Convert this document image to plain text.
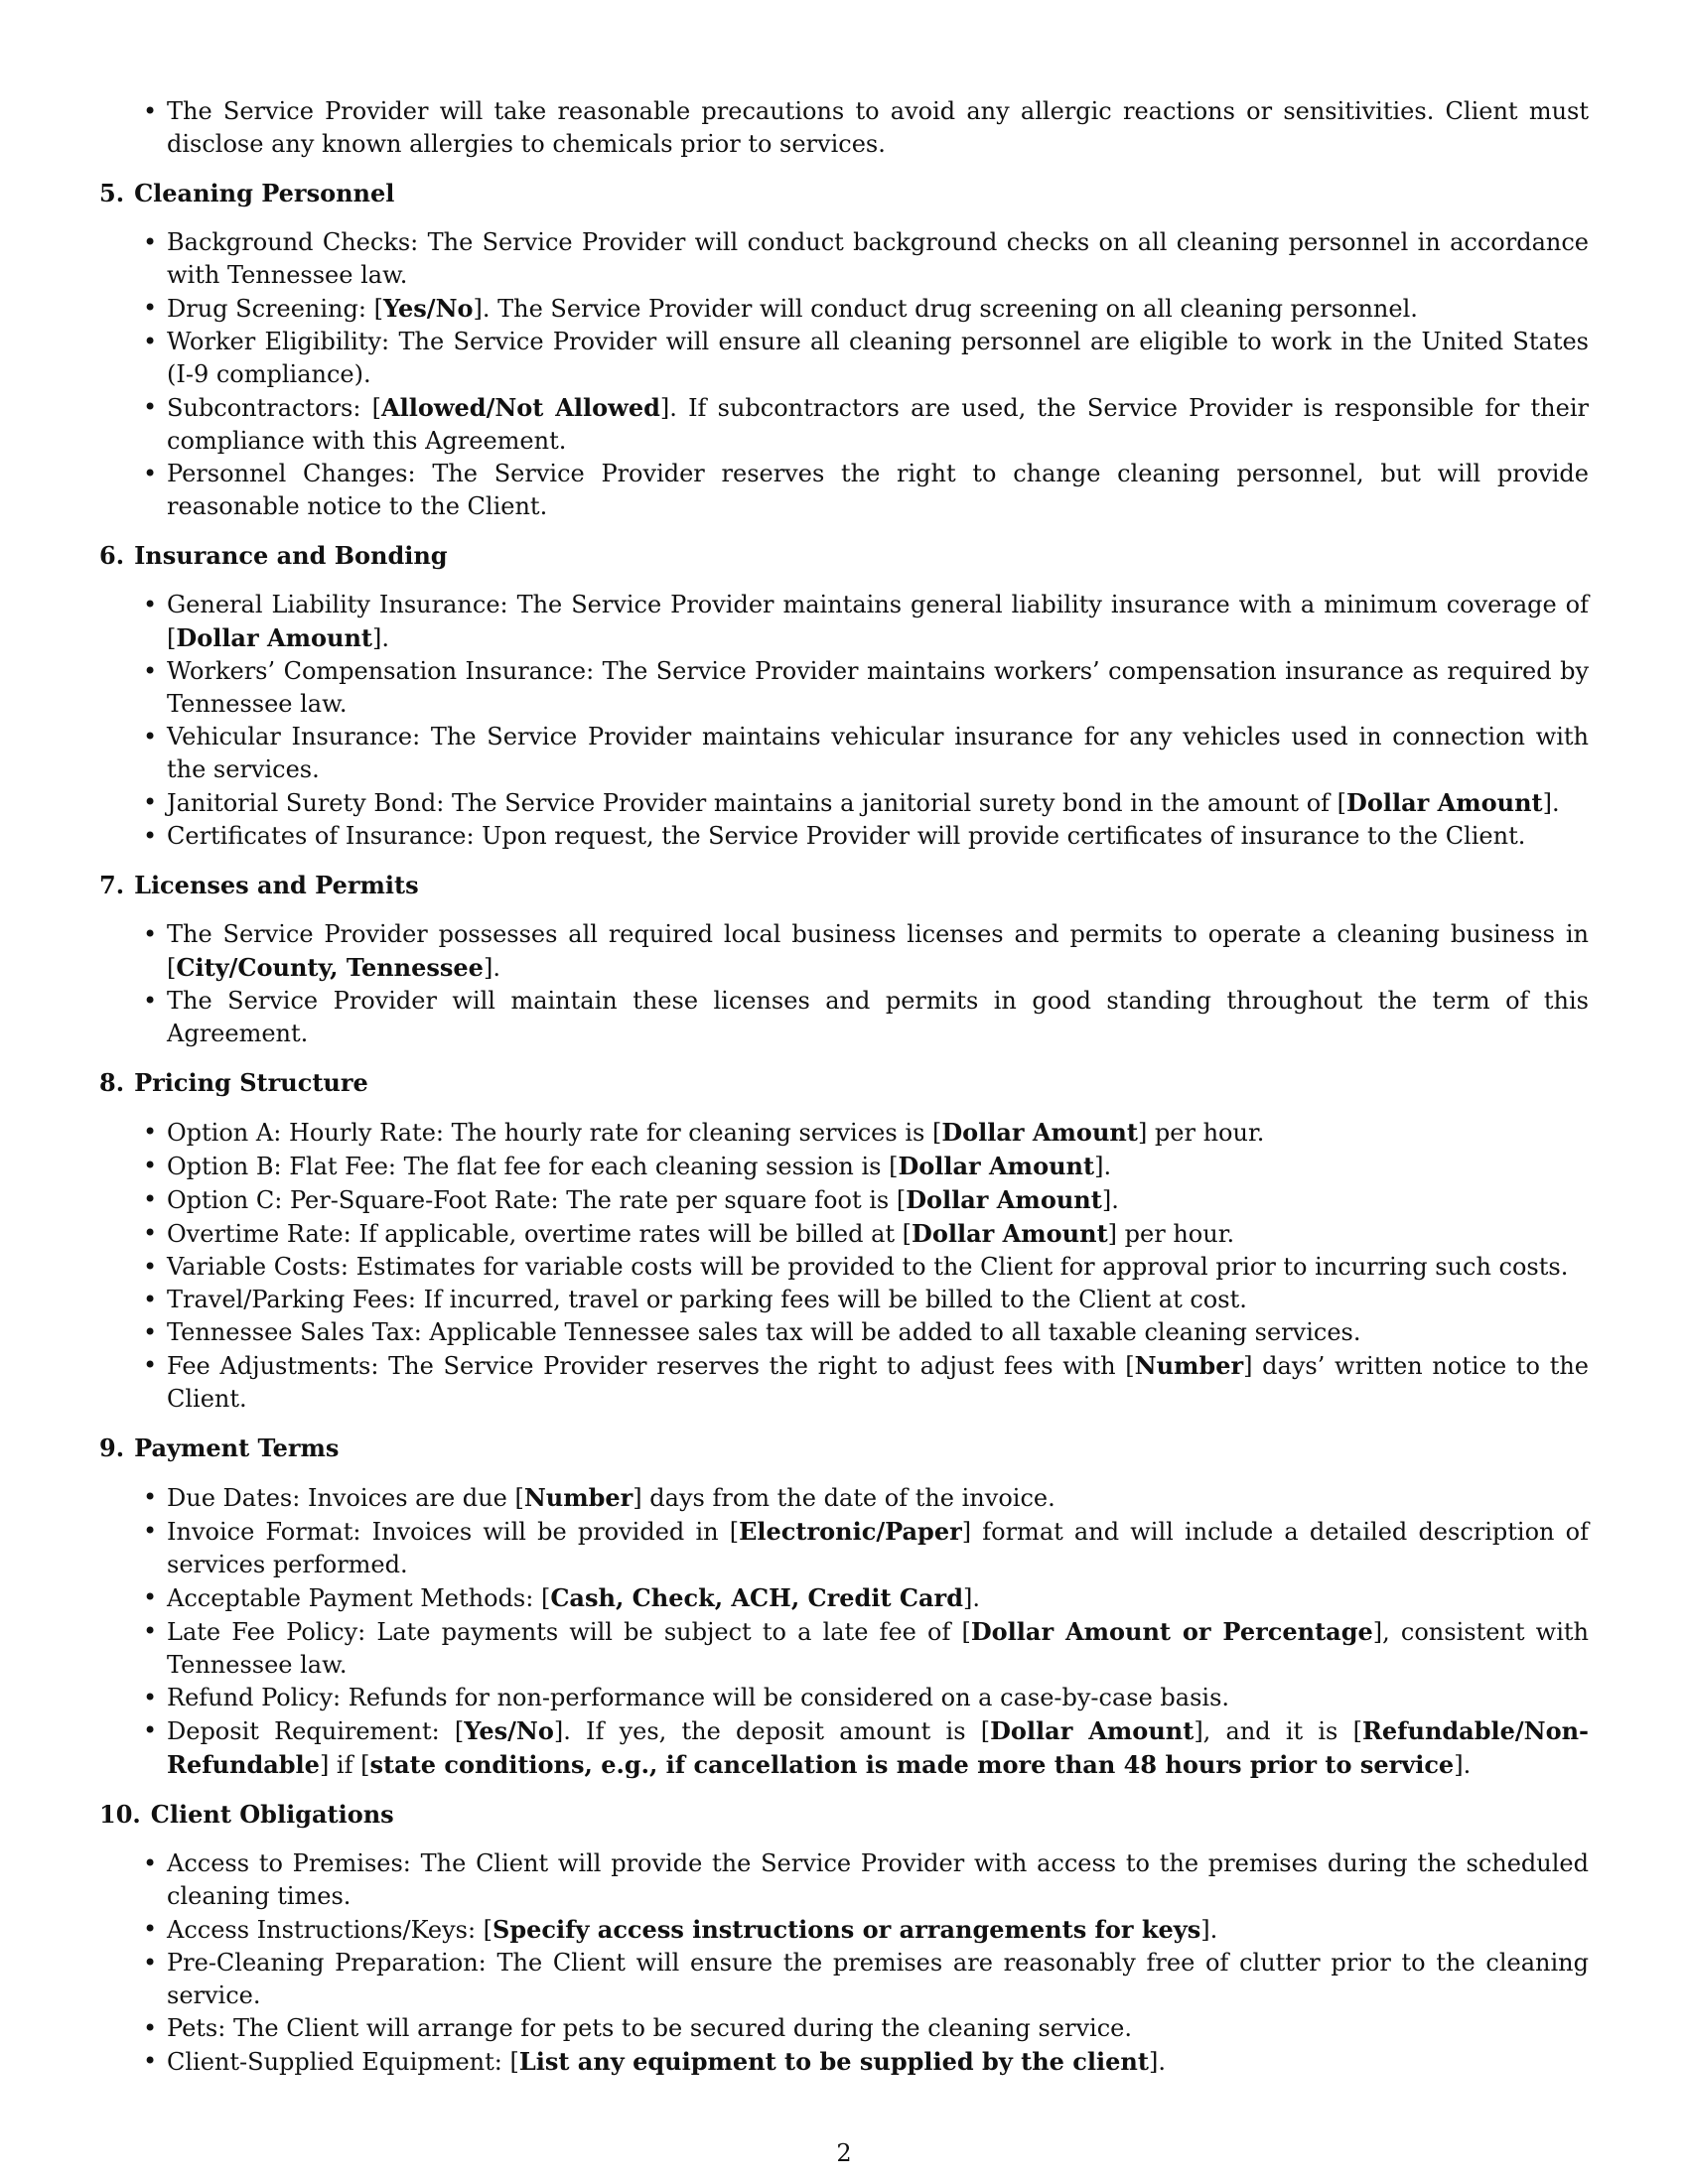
• The Service Provider will take reasonable precautions to avoid any allergic reactions or sensitivities. Client must disclose any known allergies to chemicals prior to services.
5. Cleaning Personnel
• Background Checks: The Service Provider will conduct background checks on all cleaning personnel in accordance with Tennessee law.
• Drug Screening: [Yes/No]. The Service Provider will conduct drug screening on all cleaning personnel.
• Worker Eligibility: The Service Provider will ensure all cleaning personnel are eligible to work in the United States (I-9 compliance).
• Subcontractors: [Allowed/Not Allowed]. If subcontractors are used, the Service Provider is responsible for their compliance with this Agreement.
• Personnel Changes: The Service Provider reserves the right to change cleaning personnel, but will provide reasonable notice to the Client.
6. Insurance and Bonding
• General Liability Insurance: The Service Provider maintains general liability insurance with a minimum coverage of [Dollar Amount].
• Workers’ Compensation Insurance: The Service Provider maintains workers’ compensation insurance as required by Tennessee law.
• Vehicular Insurance: The Service Provider maintains vehicular insurance for any vehicles used in connection with the services.
• Janitorial Surety Bond: The Service Provider maintains a janitorial surety bond in the amount of [Dollar Amount].
• Certificates of Insurance: Upon request, the Service Provider will provide certificates of insurance to the Client.
7. Licenses and Permits
• The Service Provider possesses all required local business licenses and permits to operate a cleaning business in [City/County, Tennessee].
• The Service Provider will maintain these licenses and permits in good standing throughout the term of this Agreement.
8. Pricing Structure
• Option A: Hourly Rate: The hourly rate for cleaning services is [Dollar Amount] per hour.
• Option B: Flat Fee: The flat fee for each cleaning session is [Dollar Amount].
• Option C: Per-Square-Foot Rate: The rate per square foot is [Dollar Amount].
• Overtime Rate: If applicable, overtime rates will be billed at [Dollar Amount] per hour.
• Variable Costs: Estimates for variable costs will be provided to the Client for approval prior to incurring such costs.
• Travel/Parking Fees: If incurred, travel or parking fees will be billed to the Client at cost.
• Tennessee Sales Tax: Applicable Tennessee sales tax will be added to all taxable cleaning services.
• Fee Adjustments: The Service Provider reserves the right to adjust fees with [Number] days’ written notice to the Client.
9. Payment Terms
• Due Dates: Invoices are due [Number] days from the date of the invoice.
• Invoice Format: Invoices will be provided in [Electronic/Paper] format and will include a detailed description of services performed.
• Acceptable Payment Methods: [Cash, Check, ACH, Credit Card].
• Late Fee Policy: Late payments will be subject to a late fee of [Dollar Amount or Percentage], consistent with Tennessee law.
• Refund Policy: Refunds for non-performance will be considered on a case-by-case basis.
• Deposit Requirement: [Yes/No]. If yes, the deposit amount is [Dollar Amount], and it is [Refundable/Non-Refundable] if [state conditions, e.g., if cancellation is made more than 48 hours prior to service].
10. Client Obligations
• Access to Premises: The Client will provide the Service Provider with access to the premises during the scheduled cleaning times.
• Access Instructions/Keys: [Specify access instructions or arrangements for keys].
• Pre-Cleaning Preparation: The Client will ensure the premises are reasonably free of clutter prior to the cleaning service.
• Pets: The Client will arrange for pets to be secured during the cleaning service.
• Client-Supplied Equipment: [List any equipment to be supplied by the client].
2
